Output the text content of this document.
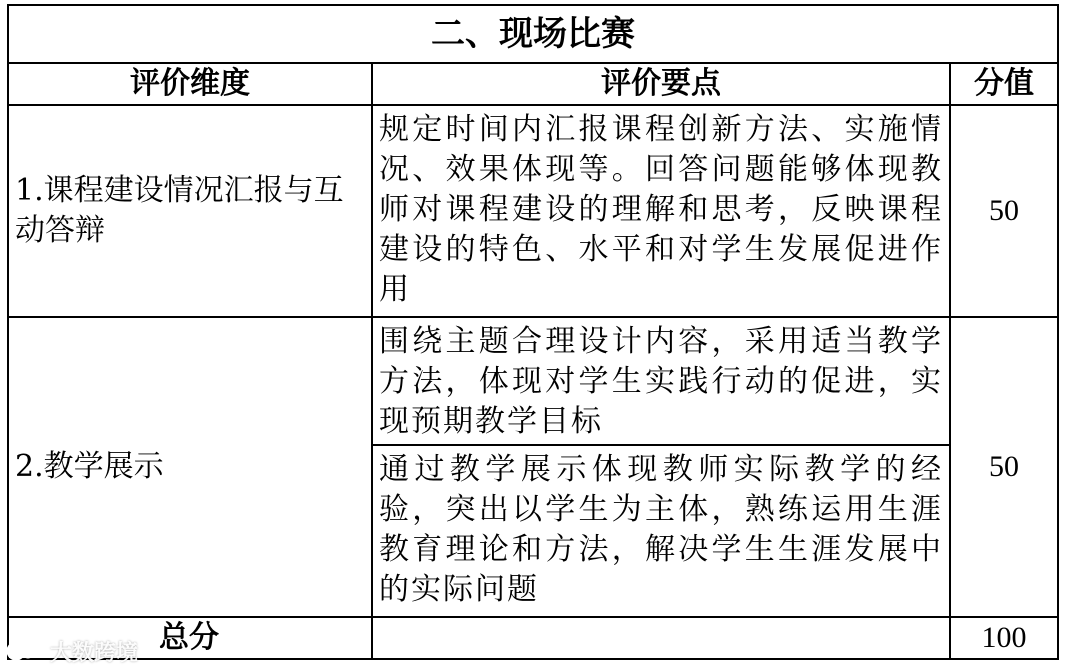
二、现场比赛		
评价维度	评价要点	分值
1.课程建设情况汇报与互动答辩	规定时间内汇报课程创新方法、实施情况、效果体现等。回答问题能够体现教师对课程建设的理解和思考，反映课程建设的特色、水平和对学生发展促进作用	50
2.教学展示	围绕主题合理设计内容，采用适当教学方法，体现对学生实践行动的促进，实现预期教学目标	50
	通过教学展示体现教师实际教学的经验，突出以学生为主体，熟练运用生涯教育理论和方法，解决学生生涯发展中的实际问题	
总分		100
大数跨境
